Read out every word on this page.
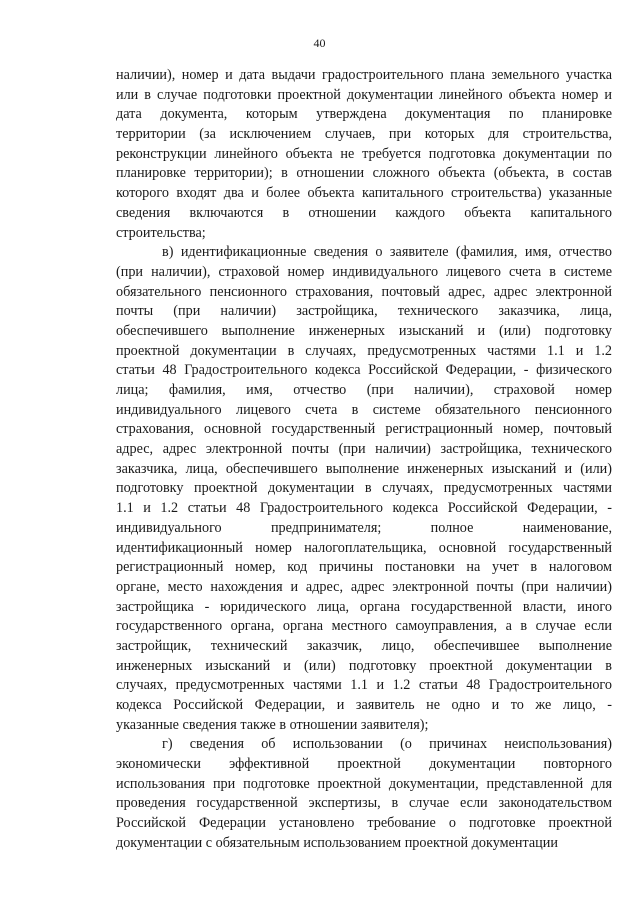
40
наличии), номер и дата выдачи градостроительного плана земельного участка
или в случае подготовки проектной документации линейного объекта номер и
дата документа, которым утверждена документация по планировке
территории (за исключением случаев, при которых для строительства,
реконструкции линейного объекта не требуется подготовка документации по
планировке территории); в отношении сложного объекта (объекта, в состав
которого входят два и более объекта капитального строительства) указанные
сведения включаются в отношении каждого объекта капитального
строительства;
в) идентификационные сведения о заявителе (фамилия, имя, отчество
(при наличии), страховой номер индивидуального лицевого счета в системе
обязательного пенсионного страхования, почтовый адрес, адрес электронной
почты (при наличии) застройщика, технического заказчика, лица,
обеспечившего выполнение инженерных изысканий и (или) подготовку
проектной документации в случаях, предусмотренных частями 1.1 и 1.2
статьи 48 Градостроительного кодекса Российской Федерации, - физического
лица; фамилия, имя, отчество (при наличии), страховой номер
индивидуального лицевого счета в системе обязательного пенсионного
страхования, основной государственный регистрационный номер, почтовый
адрес, адрес электронной почты (при наличии) застройщика, технического
заказчика, лица, обеспечившего выполнение инженерных изысканий и (или)
подготовку проектной документации в случаях, предусмотренных частями
1.1 и 1.2 статьи 48 Градостроительного кодекса Российской Федерации, -
индивидуального предпринимателя; полное наименование,
идентификационный номер налогоплательщика, основной государственный
регистрационный номер, код причины постановки на учет в налоговом
органе, место нахождения и адрес, адрес электронной почты (при наличии)
застройщика - юридического лица, органа государственной власти, иного
государственного органа, органа местного самоуправления, а в случае если
застройщик, технический заказчик, лицо, обеспечившее выполнение
инженерных изысканий и (или) подготовку проектной документации в
случаях, предусмотренных частями 1.1 и 1.2 статьи 48 Градостроительного
кодекса Российской Федерации, и заявитель не одно и то же лицо, -
указанные сведения также в отношении заявителя);
г) сведения об использовании (о причинах неиспользования)
экономически эффективной проектной документации повторного
использования при подготовке проектной документации, представленной для
проведения государственной экспертизы, в случае если законодательством
Российской Федерации установлено требование о подготовке проектной
документации с обязательным использованием проектной документации
